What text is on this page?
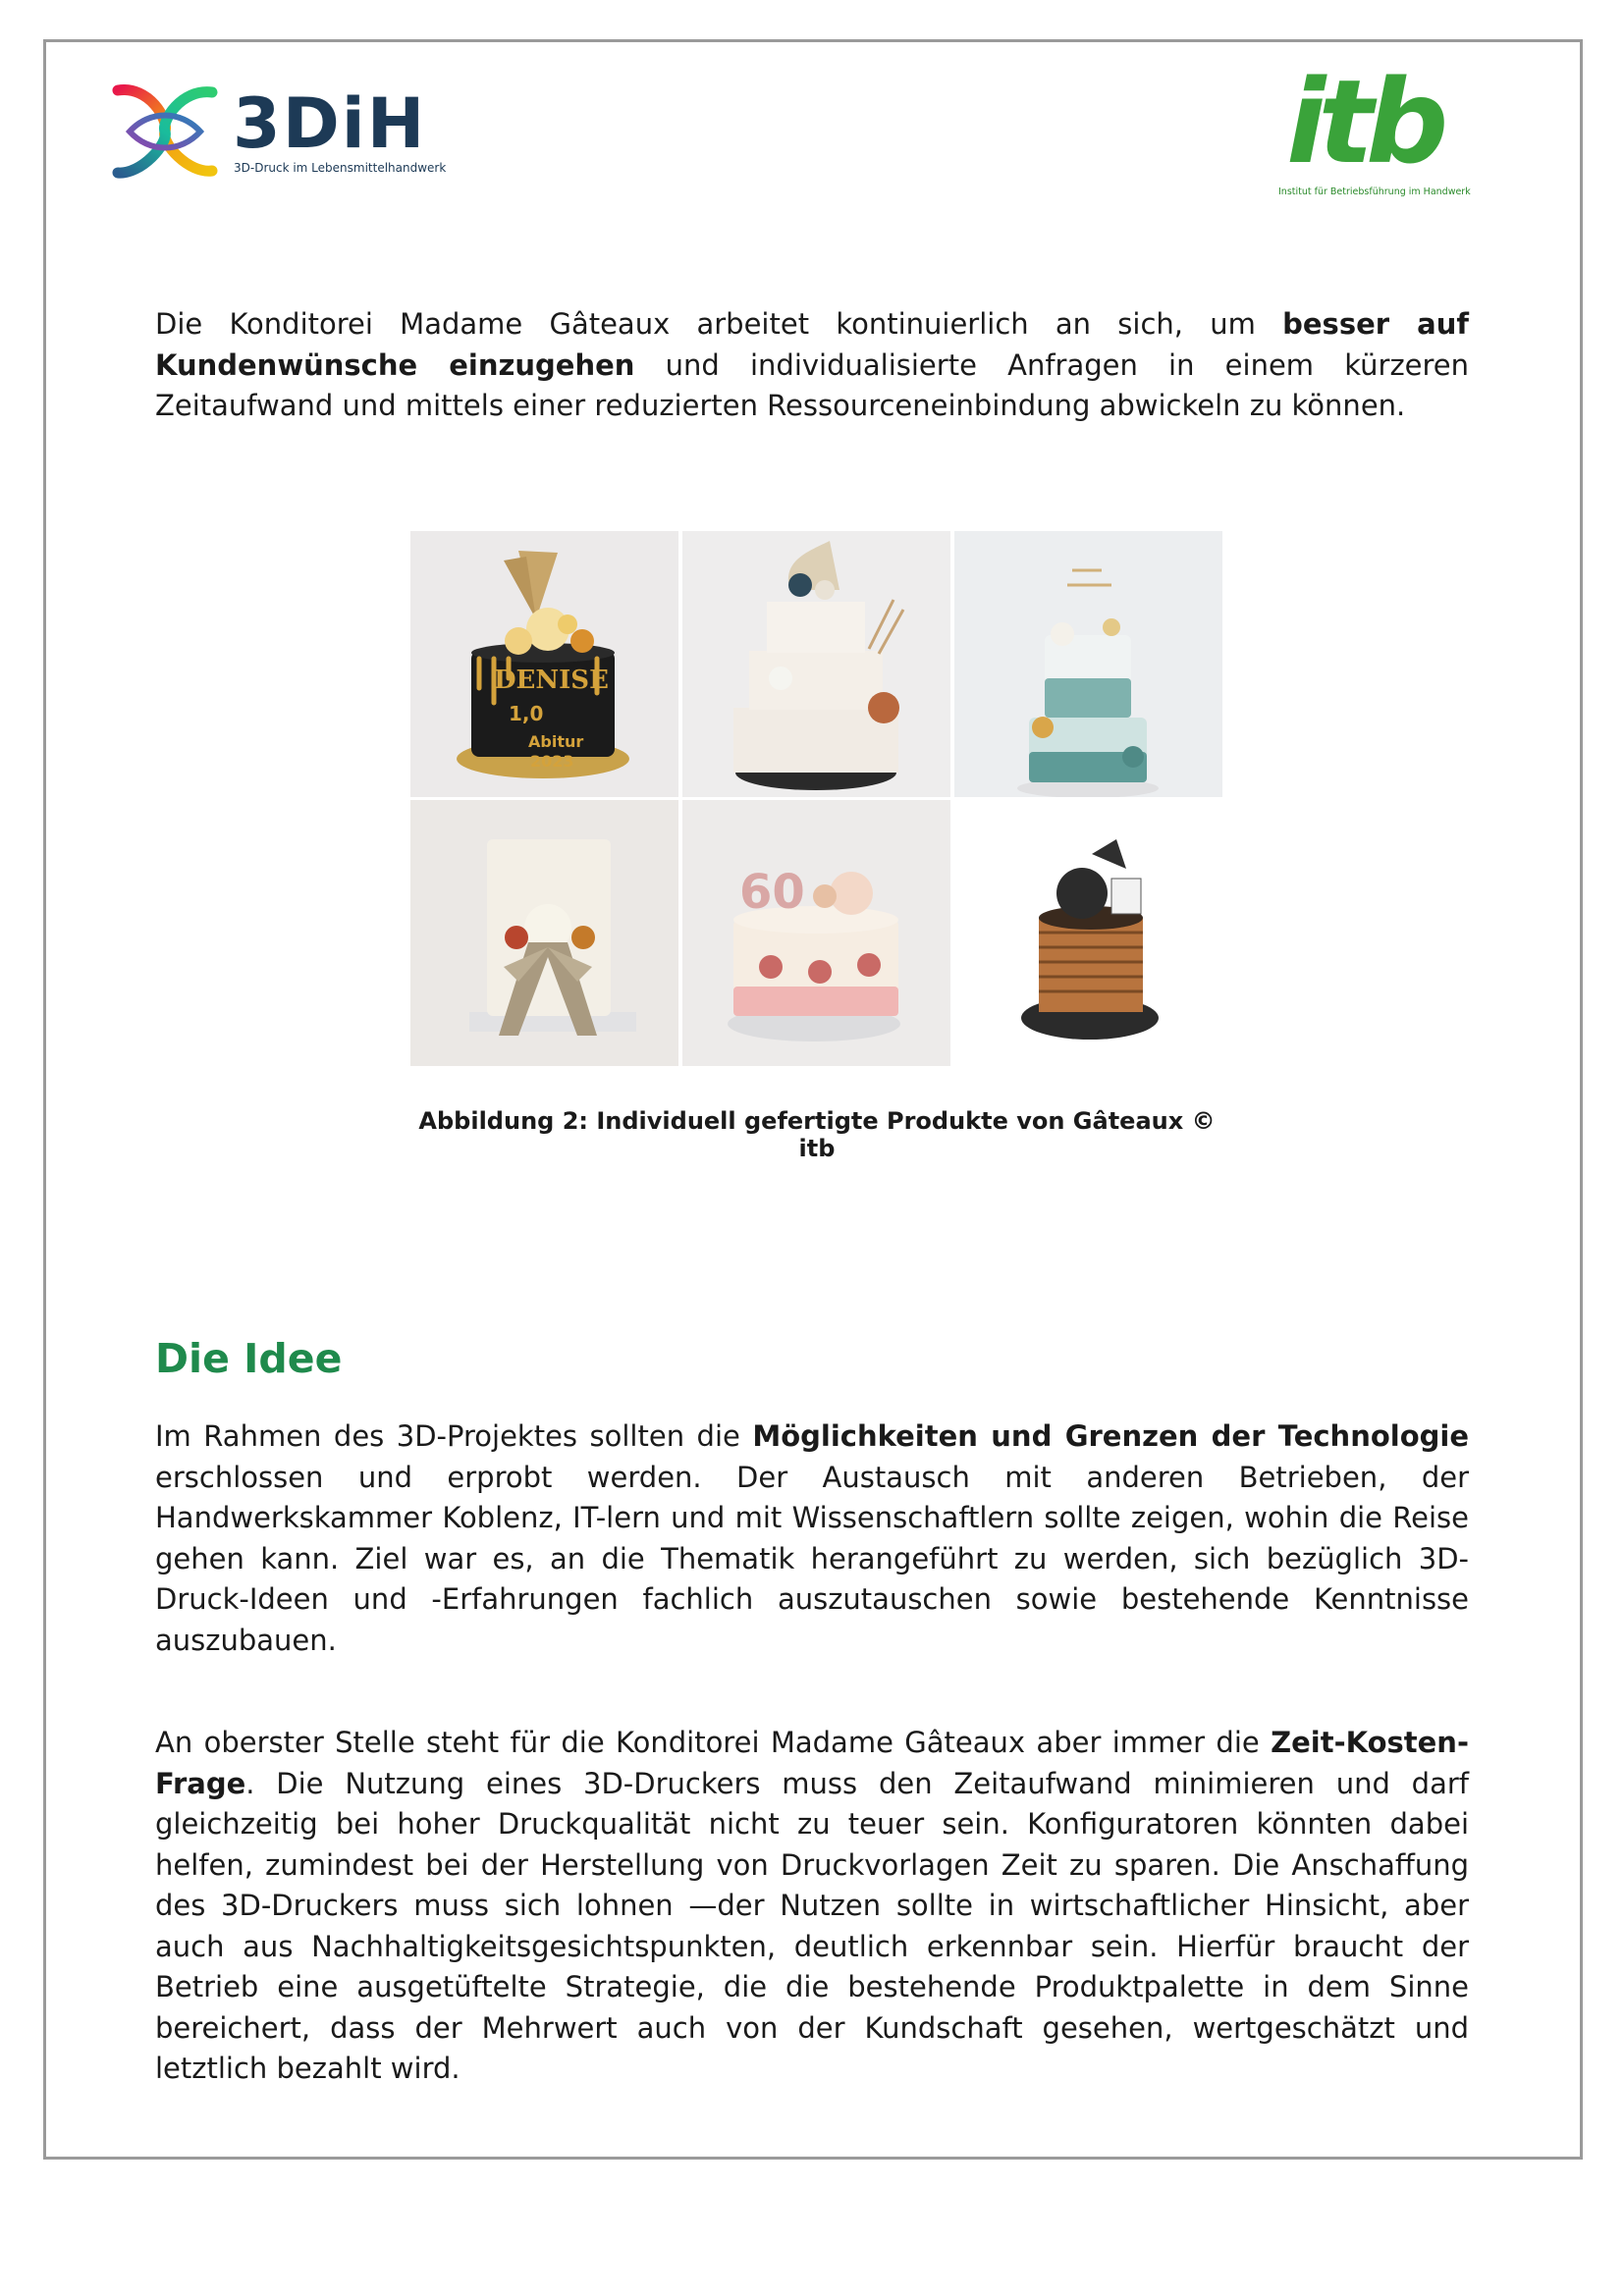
3DiH
3D-Druck im Lebensmittelhandwerk	itb
Institut für Betriebsführung im Handwerk

Die Konditorei Madame Gâteaux arbeitet kontinuierlich an sich, um besser auf Kundenwünsche einzugehen und individualisierte Anfragen in einem kürzeren Zeitaufwand und mittels einer reduzierten Ressourceneinbindung abwickeln zu können.

DENISE
1,0
Abitur
2023
60
Abbildung 2: Individuell gefertigte Produkte von Gâteaux © itb
Die Idee

Im Rahmen des 3D-Projektes sollten die Möglichkeiten und Grenzen der Technologie erschlossen und erprobt werden. Der Austausch mit anderen Betrieben, der Handwerkskammer Koblenz, IT-lern und mit Wissenschaftlern sollte zeigen, wohin die Reise gehen kann. Ziel war es, an die Thematik herangeführt zu werden, sich bezüglich 3D-Druck-Ideen und -Erfahrungen fachlich auszutauschen sowie bestehende Kenntnisse auszubauen.

An oberster Stelle steht für die Konditorei Madame Gâteaux aber immer die Zeit-Kosten-Frage. Die Nutzung eines 3D-Druckers muss den Zeitaufwand minimieren und darf gleichzeitig bei hoher Druckqualität nicht zu teuer sein. Konfiguratoren könnten dabei helfen, zumindest bei der Herstellung von Druckvorlagen Zeit zu sparen. Die Anschaffung des 3D-Druckers muss sich lohnen —der Nutzen sollte in wirtschaftlicher Hinsicht, aber auch aus Nachhaltigkeitsgesichtspunkten, deutlich erkennbar sein. Hierfür braucht der Betrieb eine ausgetüftelte Strategie, die die bestehende Produktpalette in dem Sinne bereichert, dass der Mehrwert auch von der Kundschaft gesehen, wertgeschätzt und letztlich bezahlt wird.
